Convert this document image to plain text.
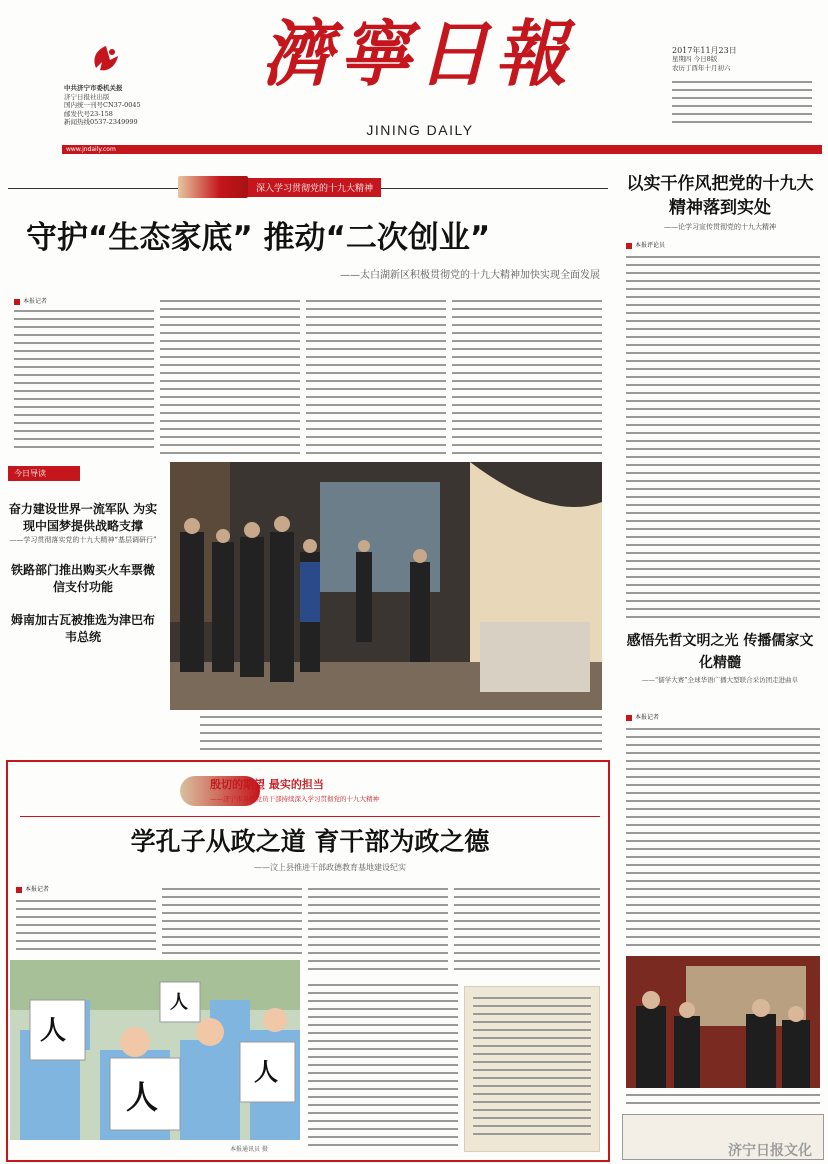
中共济宁市委机关报
济宁日报社出版
国内统一刊号CN37-0045
邮发代号23-158
新闻热线0537-2349999
濟寧日報
JINING DAILY
2017年11月23日
星期四 今日8版
农历丁酉年十月初六
www.jndaily.com
深入学习贯彻党的十九大精神
守护“生态家底” 推动“二次创业”
——太白湖新区积极贯彻党的十九大精神加快实现全面发展
本报记者
今日导读
奋力建设世界一流军队 为实现中国梦提供战略支撑
——学习贯彻落实党的十九大精神“基层调研行”
铁路部门推出购买火车票微信支付功能
姆南加古瓦被推选为津巴布韦总统
以实干作风把党的十九大精神落到实处
——论学习宣传贯彻党的十九大精神
本报评论员
感悟先哲文明之光 传播儒家文化精髓
——“儒学大赛”全球华语广播大型联合采访团走进曲阜
本报记者
济宁日报文化
殷切的期望 最实的担当
——济宁市各级党员干部持续深入学习贯彻党的十九大精神
学孔子从政之道 育干部为政之德
——汶上县推进干部政德教育基地建设纪实
本报记者
人
人
人
人
本报通讯员 摄
